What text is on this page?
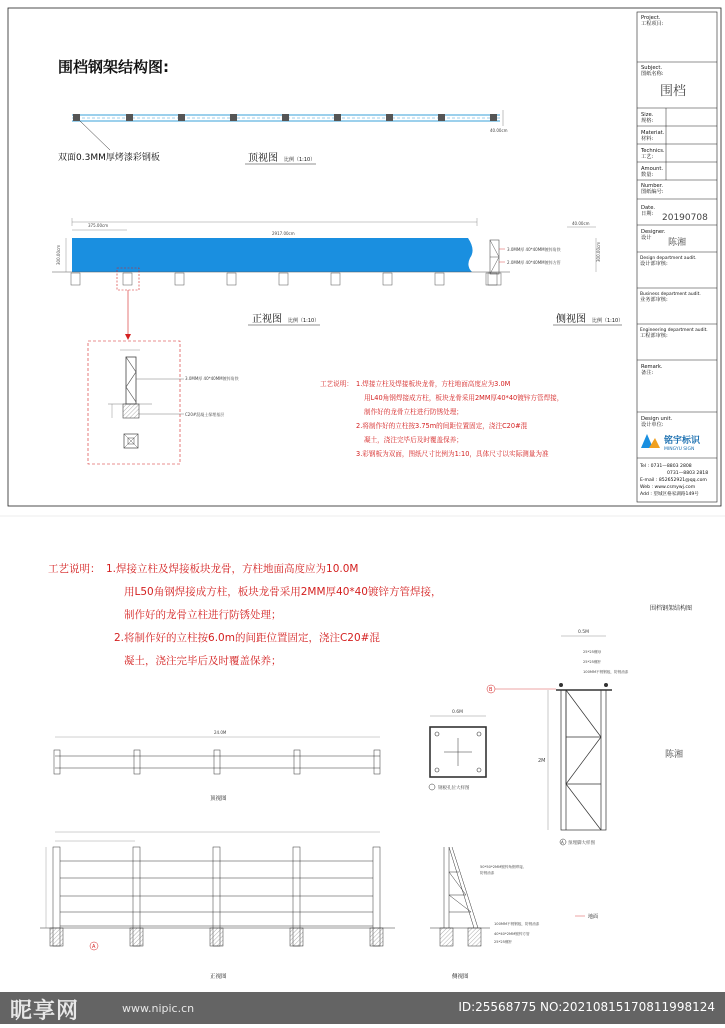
围档钢架结构图:
40.00cm
双面0.3MM厚烤漆彩钢板	顶视图 比例（1:10）
375.00cm
2917.00cm
40.00cm
300.00cm
300.00cm	3.0MM厚 40*40MM镀锌角铁
2.0MM厚 40*40MM镀锌方管
正视图 比例（1:10）	侧视图 比例（1:10）
3.0MM厚 40*40MM镀锌角铁
C20#混凝土保埋基层
工艺说明： 1.焊接立柱及焊接板块龙骨，方柱地面高度应为3.0M
用L40角钢焊接成方柱，板块龙骨采用2MM厚40*40镀锌方管焊接，
制作好的龙骨立柱进行防锈处理；
2.将制作好的立柱按3.75m的间距位置固定，浇注C20#混
凝土，浇注完毕后及时覆盖保养；
3.彩钢板为双面，图纸尺寸比例为1:10，具体尺寸以实际测量为准
Project.
工程项目:
Subject.
图纸名称:
围档
Size.
规格:
Materiat.
材料:
Technics.
工艺:
Amount.
数量:
Number.
图纸编号:
Date.
日期: 20190708
Designer.
设计 陈湘
Design department audit.
设计部审核:
Business department audit.
业务部审核:
Engineering department audit.
工程部审核:
Remark.
备注:
Design unit.
设计单位:
铭宇标识
MINGYU SIGN
Tel : 0731—8803 2808
0731—8803 2818
E-mail : 852652921@qq.com
Web : www.csmywj.com
Add : 望城区格家湖路149号
工艺说明： 1.焊接立柱及焊接板块龙骨，方柱地面高度应为10.0M
用L50角钢焊接成方柱，板块龙骨采用2MM厚40*40镀锌方管焊接，
制作好的龙骨立柱进行防锈处理；
2.将制作好的立柱按6.0m的间距位置固定，浇注C20#混
凝土，浇注完毕后及时覆盖保养；
围档钢架结构图
陈湘
24.0M
顶视图
A
正视图	侧视图
50*50*2MM镀锌角钢焊接,
防锈油漆
100MM不锈钢板，防锈油漆
40*40*2MM镀锌方管
25*25螺杆
地面
0.6M
钢板孔位大样图
0.5M
2M
25*25螺母
25*25螺杆
100MM不锈钢板，防锈油漆
B
A 预埋脚大样图
昵享网	www.nipic.cn	ID:25568775 NO:20210815170811998124
